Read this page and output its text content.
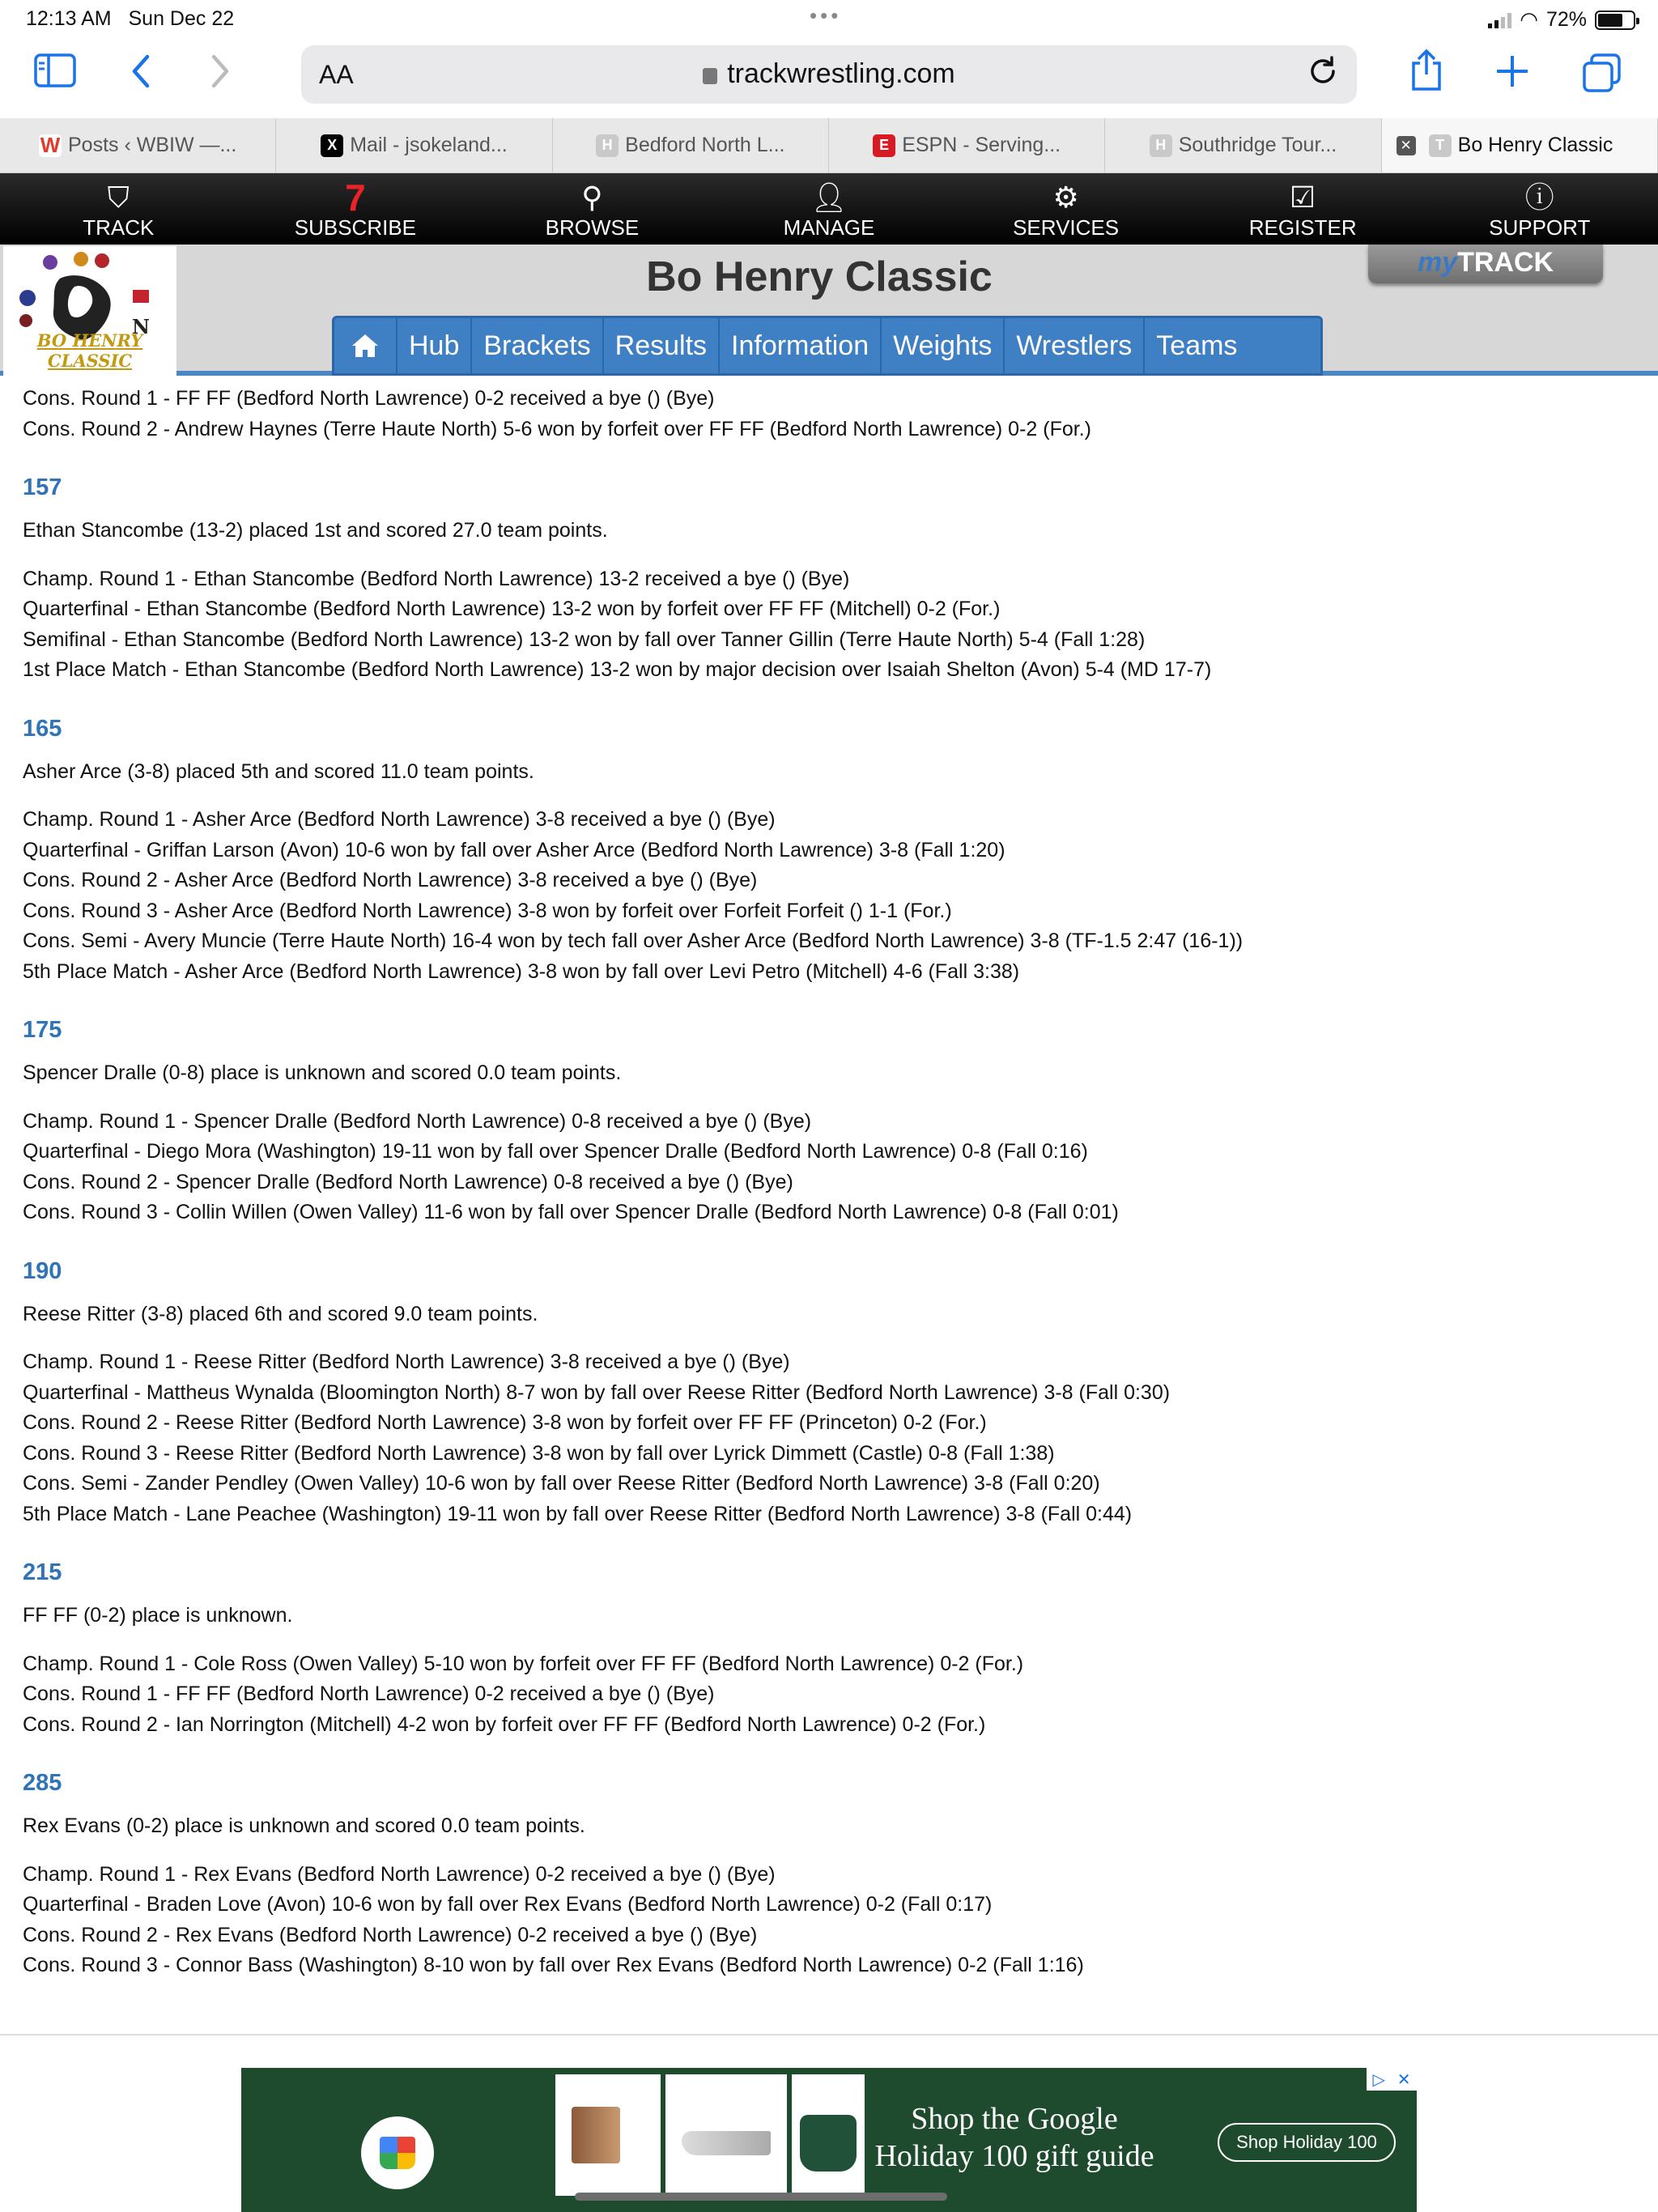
12:13 AM Sun Dec 22	•••	◠ 72%
AA	trackwrestling.com
W Posts ‹ WBIW —...	X Mail - jsokeland...	H Bedford North L...	E ESPN - Serving...	H Southridge Tour...	✕	T Bo Henry Classic
⛉
TRACK
7
SUBSCRIBE
⚲
BROWSE
👤︎
MANAGE
⚙
SERVICES
☑
REGISTER
ⓘ
SUPPORT
N
BO HENRY CLASSIC
Bo Henry Classic	myTRACK
Hub Brackets Results Information Weights Wrestlers Teams
Cons. Round 1 - FF FF (Bedford North Lawrence) 0-2 received a bye () (Bye)
Cons. Round 2 - Andrew Haynes (Terre Haute North) 5-6 won by forfeit over FF FF (Bedford North Lawrence) 0-2 (For.)
157
Ethan Stancombe (13-2) placed 1st and scored 27.0 team points.
Champ. Round 1 - Ethan Stancombe (Bedford North Lawrence) 13-2 received a bye () (Bye)
Quarterfinal - Ethan Stancombe (Bedford North Lawrence) 13-2 won by forfeit over FF FF (Mitchell) 0-2 (For.)
Semifinal - Ethan Stancombe (Bedford North Lawrence) 13-2 won by fall over Tanner Gillin (Terre Haute North) 5-4 (Fall 1:28)
1st Place Match - Ethan Stancombe (Bedford North Lawrence) 13-2 won by major decision over Isaiah Shelton (Avon) 5-4 (MD 17-7)
165
Asher Arce (3-8) placed 5th and scored 11.0 team points.
Champ. Round 1 - Asher Arce (Bedford North Lawrence) 3-8 received a bye () (Bye)
Quarterfinal - Griffan Larson (Avon) 10-6 won by fall over Asher Arce (Bedford North Lawrence) 3-8 (Fall 1:20)
Cons. Round 2 - Asher Arce (Bedford North Lawrence) 3-8 received a bye () (Bye)
Cons. Round 3 - Asher Arce (Bedford North Lawrence) 3-8 won by forfeit over Forfeit Forfeit () 1-1 (For.)
Cons. Semi - Avery Muncie (Terre Haute North) 16-4 won by tech fall over Asher Arce (Bedford North Lawrence) 3-8 (TF-1.5 2:47 (16-1))
5th Place Match - Asher Arce (Bedford North Lawrence) 3-8 won by fall over Levi Petro (Mitchell) 4-6 (Fall 3:38)
175
Spencer Dralle (0-8) place is unknown and scored 0.0 team points.
Champ. Round 1 - Spencer Dralle (Bedford North Lawrence) 0-8 received a bye () (Bye)
Quarterfinal - Diego Mora (Washington) 19-11 won by fall over Spencer Dralle (Bedford North Lawrence) 0-8 (Fall 0:16)
Cons. Round 2 - Spencer Dralle (Bedford North Lawrence) 0-8 received a bye () (Bye)
Cons. Round 3 - Collin Willen (Owen Valley) 11-6 won by fall over Spencer Dralle (Bedford North Lawrence) 0-8 (Fall 0:01)
190
Reese Ritter (3-8) placed 6th and scored 9.0 team points.
Champ. Round 1 - Reese Ritter (Bedford North Lawrence) 3-8 received a bye () (Bye)
Quarterfinal - Mattheus Wynalda (Bloomington North) 8-7 won by fall over Reese Ritter (Bedford North Lawrence) 3-8 (Fall 0:30)
Cons. Round 2 - Reese Ritter (Bedford North Lawrence) 3-8 won by forfeit over FF FF (Princeton) 0-2 (For.)
Cons. Round 3 - Reese Ritter (Bedford North Lawrence) 3-8 won by fall over Lyrick Dimmett (Castle) 0-8 (Fall 1:38)
Cons. Semi - Zander Pendley (Owen Valley) 10-6 won by fall over Reese Ritter (Bedford North Lawrence) 3-8 (Fall 0:20)
5th Place Match - Lane Peachee (Washington) 19-11 won by fall over Reese Ritter (Bedford North Lawrence) 3-8 (Fall 0:44)
215
FF FF (0-2) place is unknown.
Champ. Round 1 - Cole Ross (Owen Valley) 5-10 won by forfeit over FF FF (Bedford North Lawrence) 0-2 (For.)
Cons. Round 1 - FF FF (Bedford North Lawrence) 0-2 received a bye () (Bye)
Cons. Round 2 - Ian Norrington (Mitchell) 4-2 won by forfeit over FF FF (Bedford North Lawrence) 0-2 (For.)
285
Rex Evans (0-2) place is unknown and scored 0.0 team points.
Champ. Round 1 - Rex Evans (Bedford North Lawrence) 0-2 received a bye () (Bye)
Quarterfinal - Braden Love (Avon) 10-6 won by fall over Rex Evans (Bedford North Lawrence) 0-2 (Fall 0:17)
Cons. Round 2 - Rex Evans (Bedford North Lawrence) 0-2 received a bye () (Bye)
Cons. Round 3 - Connor Bass (Washington) 8-10 won by fall over Rex Evans (Bedford North Lawrence) 0-2 (Fall 1:16)
Shop the Google
Holiday 100 gift guide	Shop Holiday 100
▷ ✕
